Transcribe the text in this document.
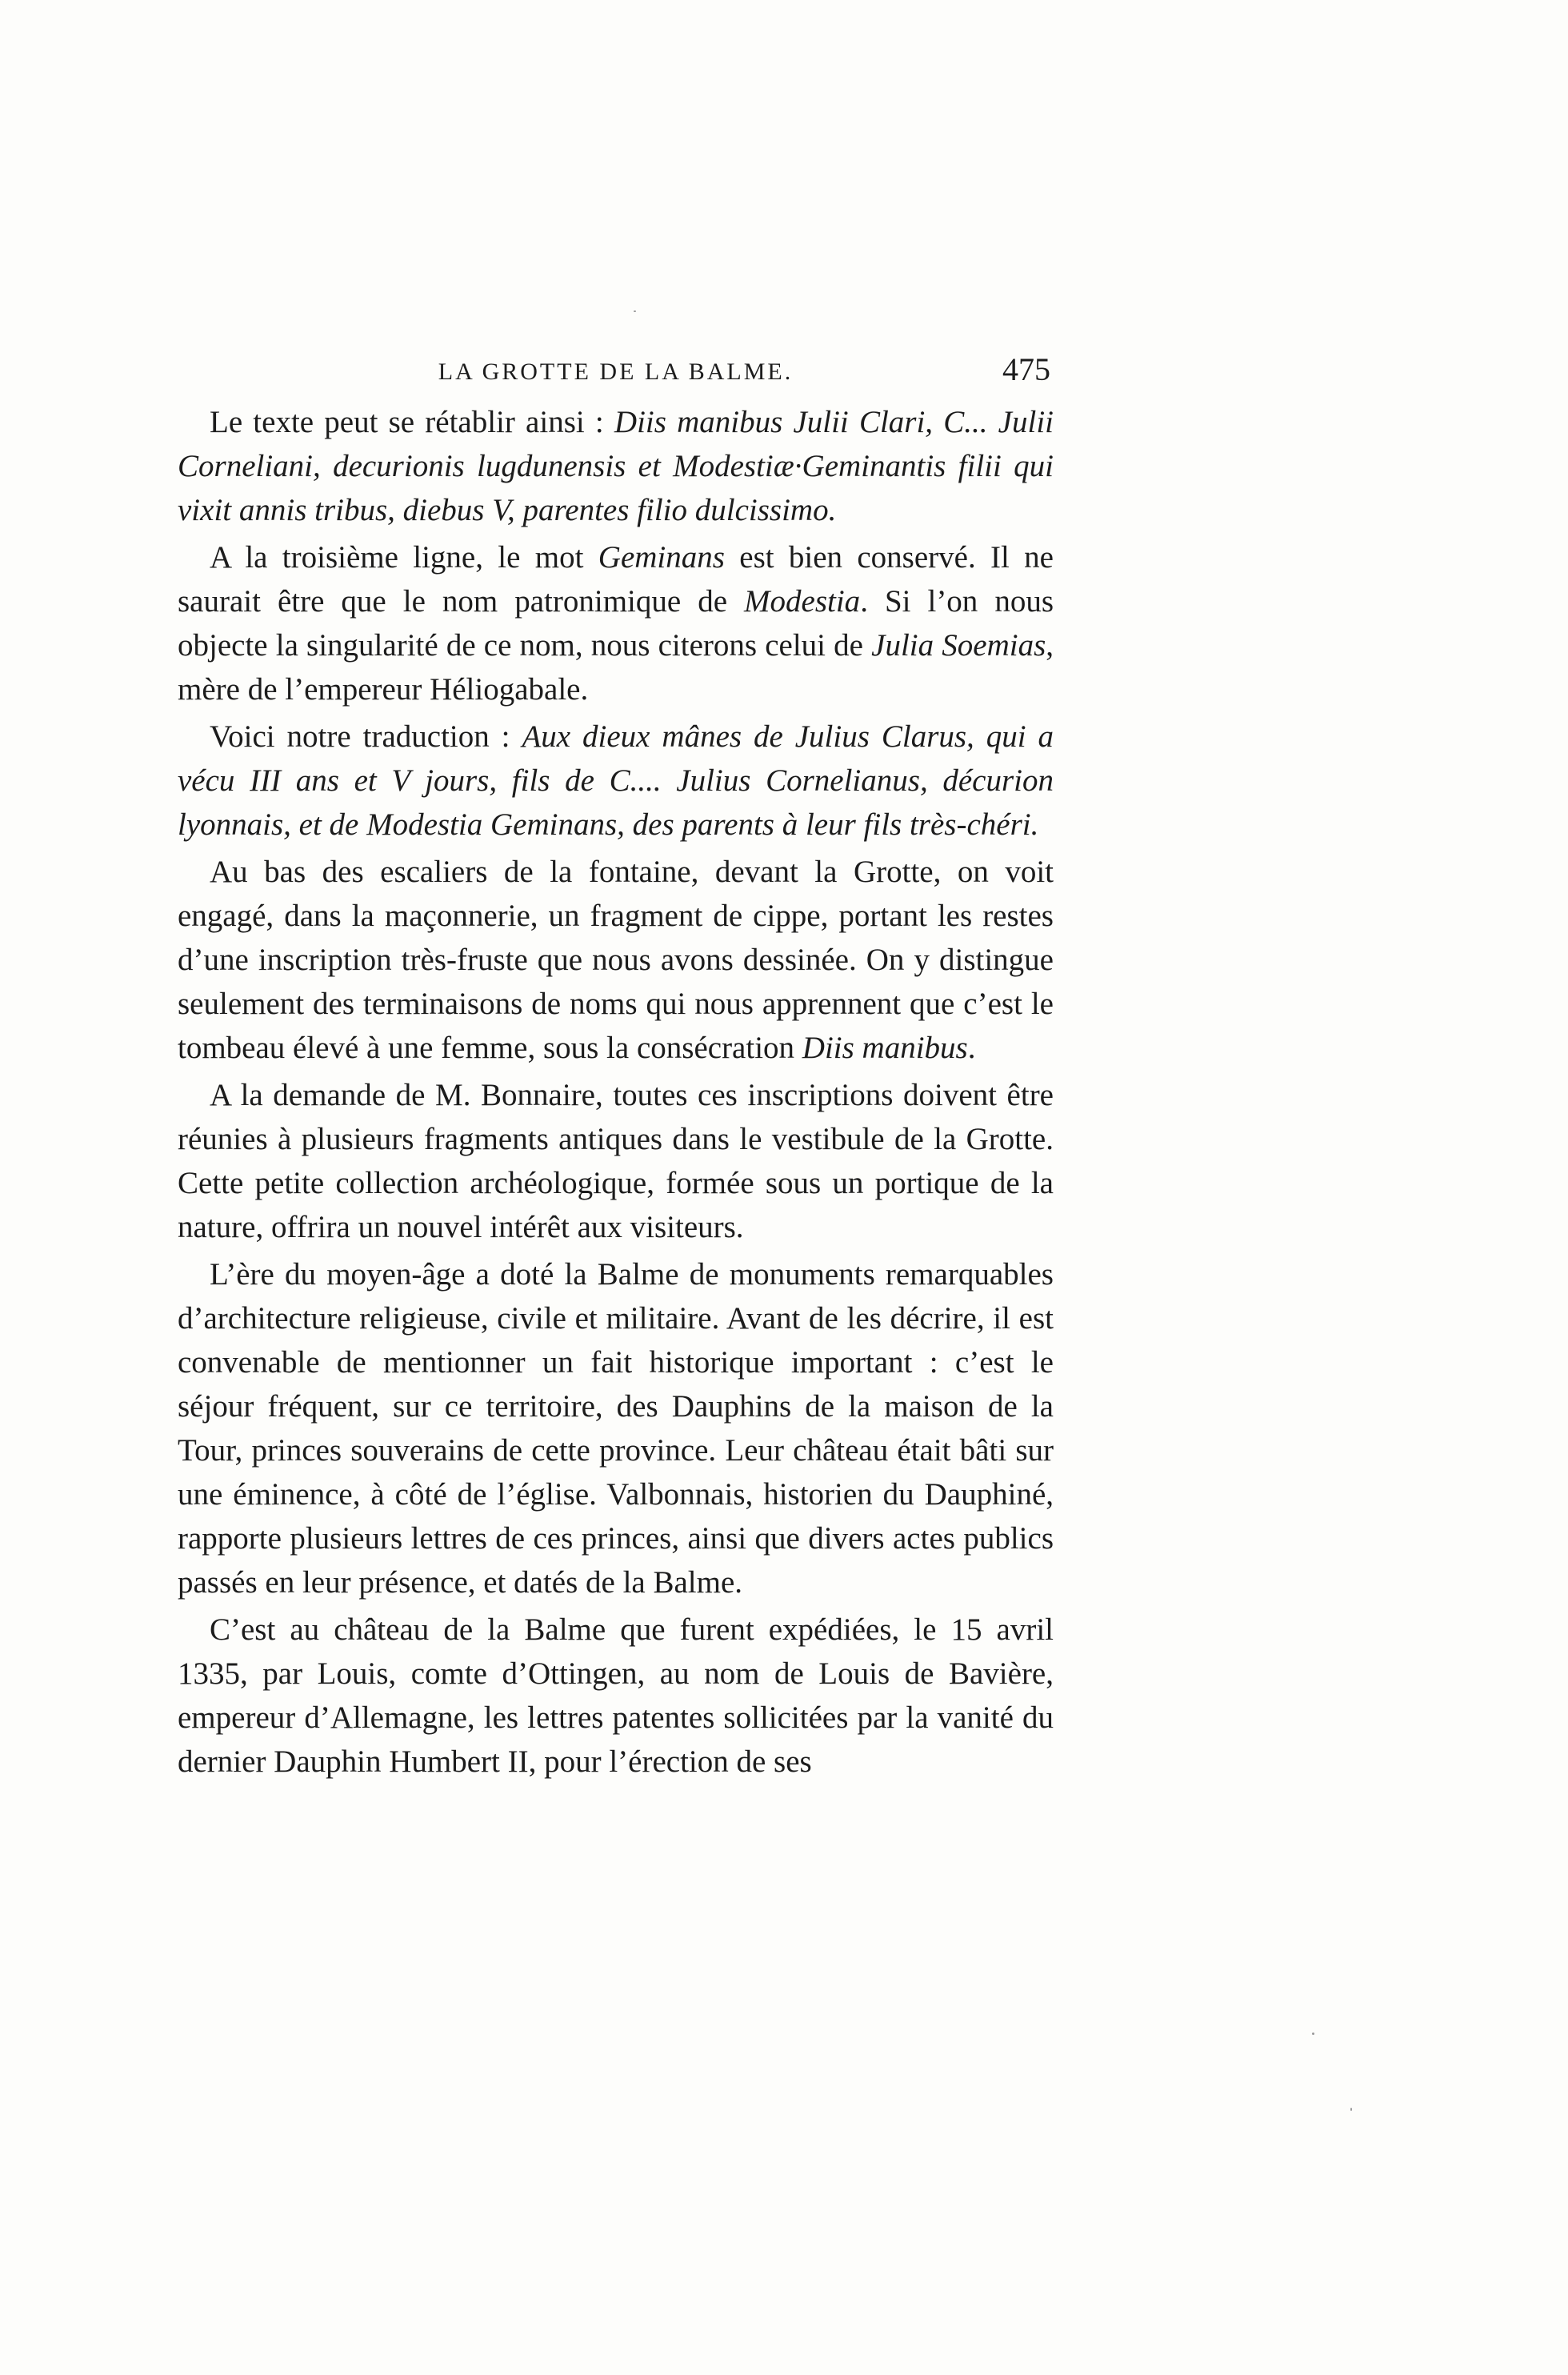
LA GROTTE DE LA BALME.	475

Le texte peut se rétablir ainsi : Diis manibus Julii Clari, C... Julii Corneliani, decurionis lugdunensis et Modestiæ·Geminantis filii qui vixit annis tribus, diebus V, parentes filio dulcissimo.

A la troisième ligne, le mot Geminans est bien conservé. Il ne saurait être que le nom patronimique de Modestia. Si l’on nous objecte la singularité de ce nom, nous citerons celui de Julia Soemias, mère de l’empereur Héliogabale.

Voici notre traduction : Aux dieux mânes de Julius Clarus, qui a vécu III ans et V jours, fils de C.... Julius Cornelianus, décurion lyonnais, et de Modestia Geminans, des parents à leur fils très-chéri.

Au bas des escaliers de la fontaine, devant la Grotte, on voit engagé, dans la maçonnerie, un fragment de cippe, portant les restes d’une inscription très-fruste que nous avons dessinée. On y distingue seulement des terminaisons de noms qui nous apprennent que c’est le tombeau élevé à une femme, sous la consécration Diis manibus.

A la demande de M. Bonnaire, toutes ces inscriptions doivent être réunies à plusieurs fragments antiques dans le vestibule de la Grotte. Cette petite collection archéologique, formée sous un portique de la nature, offrira un nouvel intérêt aux visiteurs.

L’ère du moyen-âge a doté la Balme de monuments remarquables d’architecture religieuse, civile et militaire. Avant de les décrire, il est convenable de mentionner un fait historique important : c’est le séjour fréquent, sur ce territoire, des Dauphins de la maison de la Tour, princes souverains de cette province. Leur château était bâti sur une éminence, à côté de l’église. Valbonnais, historien du Dauphiné, rapporte plusieurs lettres de ces princes, ainsi que divers actes publics passés en leur présence, et datés de la Balme.

C’est au château de la Balme que furent expédiées, le 15 avril 1335, par Louis, comte d’Ottingen, au nom de Louis de Bavière, empereur d’Allemagne, les lettres patentes sollicitées par la vanité du dernier Dauphin Humbert II, pour l’érection de ses
